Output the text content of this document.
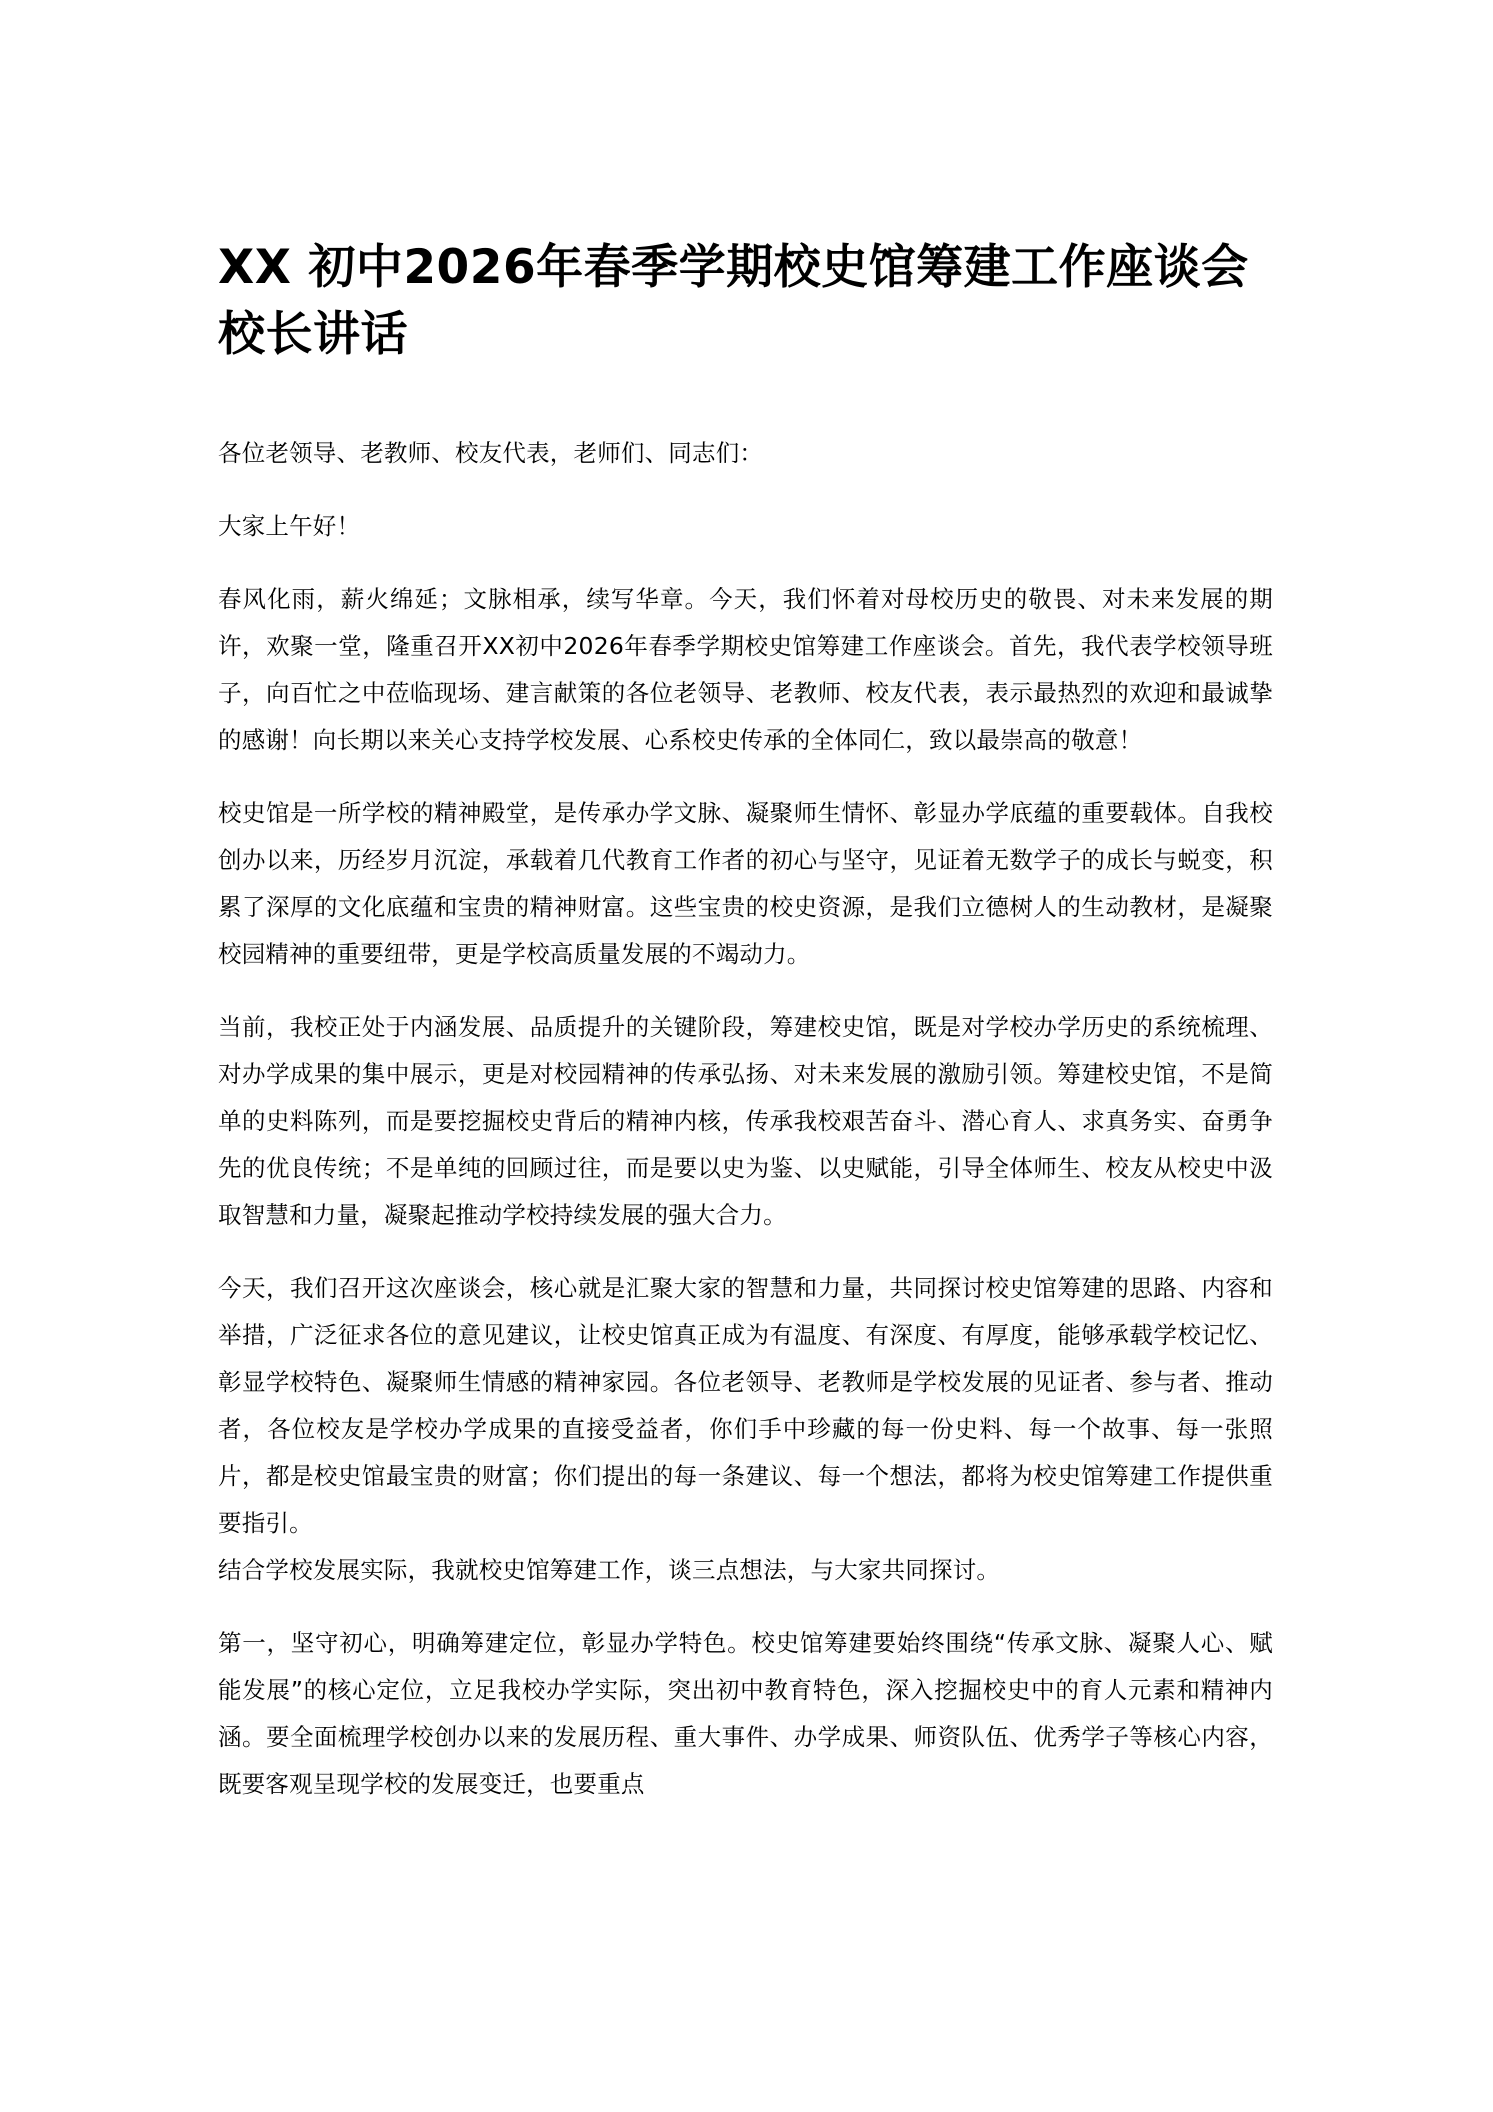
XX 初中2026年春季学期校史馆筹建工作座谈会校长讲话

各位老领导、老教师、校友代表，老师们、同志们：

大家上午好！

春风化雨，薪火绵延；文脉相承，续写华章。今天，我们怀着对母校历史的敬畏、对未来发展的期许，欢聚一堂，隆重召开XX初中2026年春季学期校史馆筹建工作座谈会。首先，我代表学校领导班子，向百忙之中莅临现场、建言献策的各位老领导、老教师、校友代表，表示最热烈的欢迎和最诚挚的感谢！向长期以来关心支持学校发展、心系校史传承的全体同仁，致以最崇高的敬意！

校史馆是一所学校的精神殿堂，是传承办学文脉、凝聚师生情怀、彰显办学底蕴的重要载体。自我校创办以来，历经岁月沉淀，承载着几代教育工作者的初心与坚守，见证着无数学子的成长与蜕变，积累了深厚的文化底蕴和宝贵的精神财富。这些宝贵的校史资源，是我们立德树人的生动教材，是凝聚校园精神的重要纽带，更是学校高质量发展的不竭动力。

当前，我校正处于内涵发展、品质提升的关键阶段，筹建校史馆，既是对学校办学历史的系统梳理、对办学成果的集中展示，更是对校园精神的传承弘扬、对未来发展的激励引领。筹建校史馆，不是简单的史料陈列，而是要挖掘校史背后的精神内核，传承我校艰苦奋斗、潜心育人、求真务实、奋勇争先的优良传统；不是单纯的回顾过往，而是要以史为鉴、以史赋能，引导全体师生、校友从校史中汲取智慧和力量，凝聚起推动学校持续发展的强大合力。

今天，我们召开这次座谈会，核心就是汇聚大家的智慧和力量，共同探讨校史馆筹建的思路、内容和举措，广泛征求各位的意见建议，让校史馆真正成为有温度、有深度、有厚度，能够承载学校记忆、彰显学校特色、凝聚师生情感的精神家园。各位老领导、老教师是学校发展的见证者、参与者、推动者，各位校友是学校办学成果的直接受益者，你们手中珍藏的每一份史料、每一个故事、每一张照片，都是校史馆最宝贵的财富；你们提出的每一条建议、每一个想法，都将为校史馆筹建工作提供重要指引。

结合学校发展实际，我就校史馆筹建工作，谈三点想法，与大家共同探讨。

第一，坚守初心，明确筹建定位，彰显办学特色。校史馆筹建要始终围绕“传承文脉、凝聚人心、赋能发展”的核心定位，立足我校办学实际，突出初中教育特色，深入挖掘校史中的育人元素和精神内涵。要全面梳理学校创办以来的发展历程、重大事件、办学成果、师资队伍、优秀学子等核心内容，既要客观呈现学校的发展变迁，也要重点
